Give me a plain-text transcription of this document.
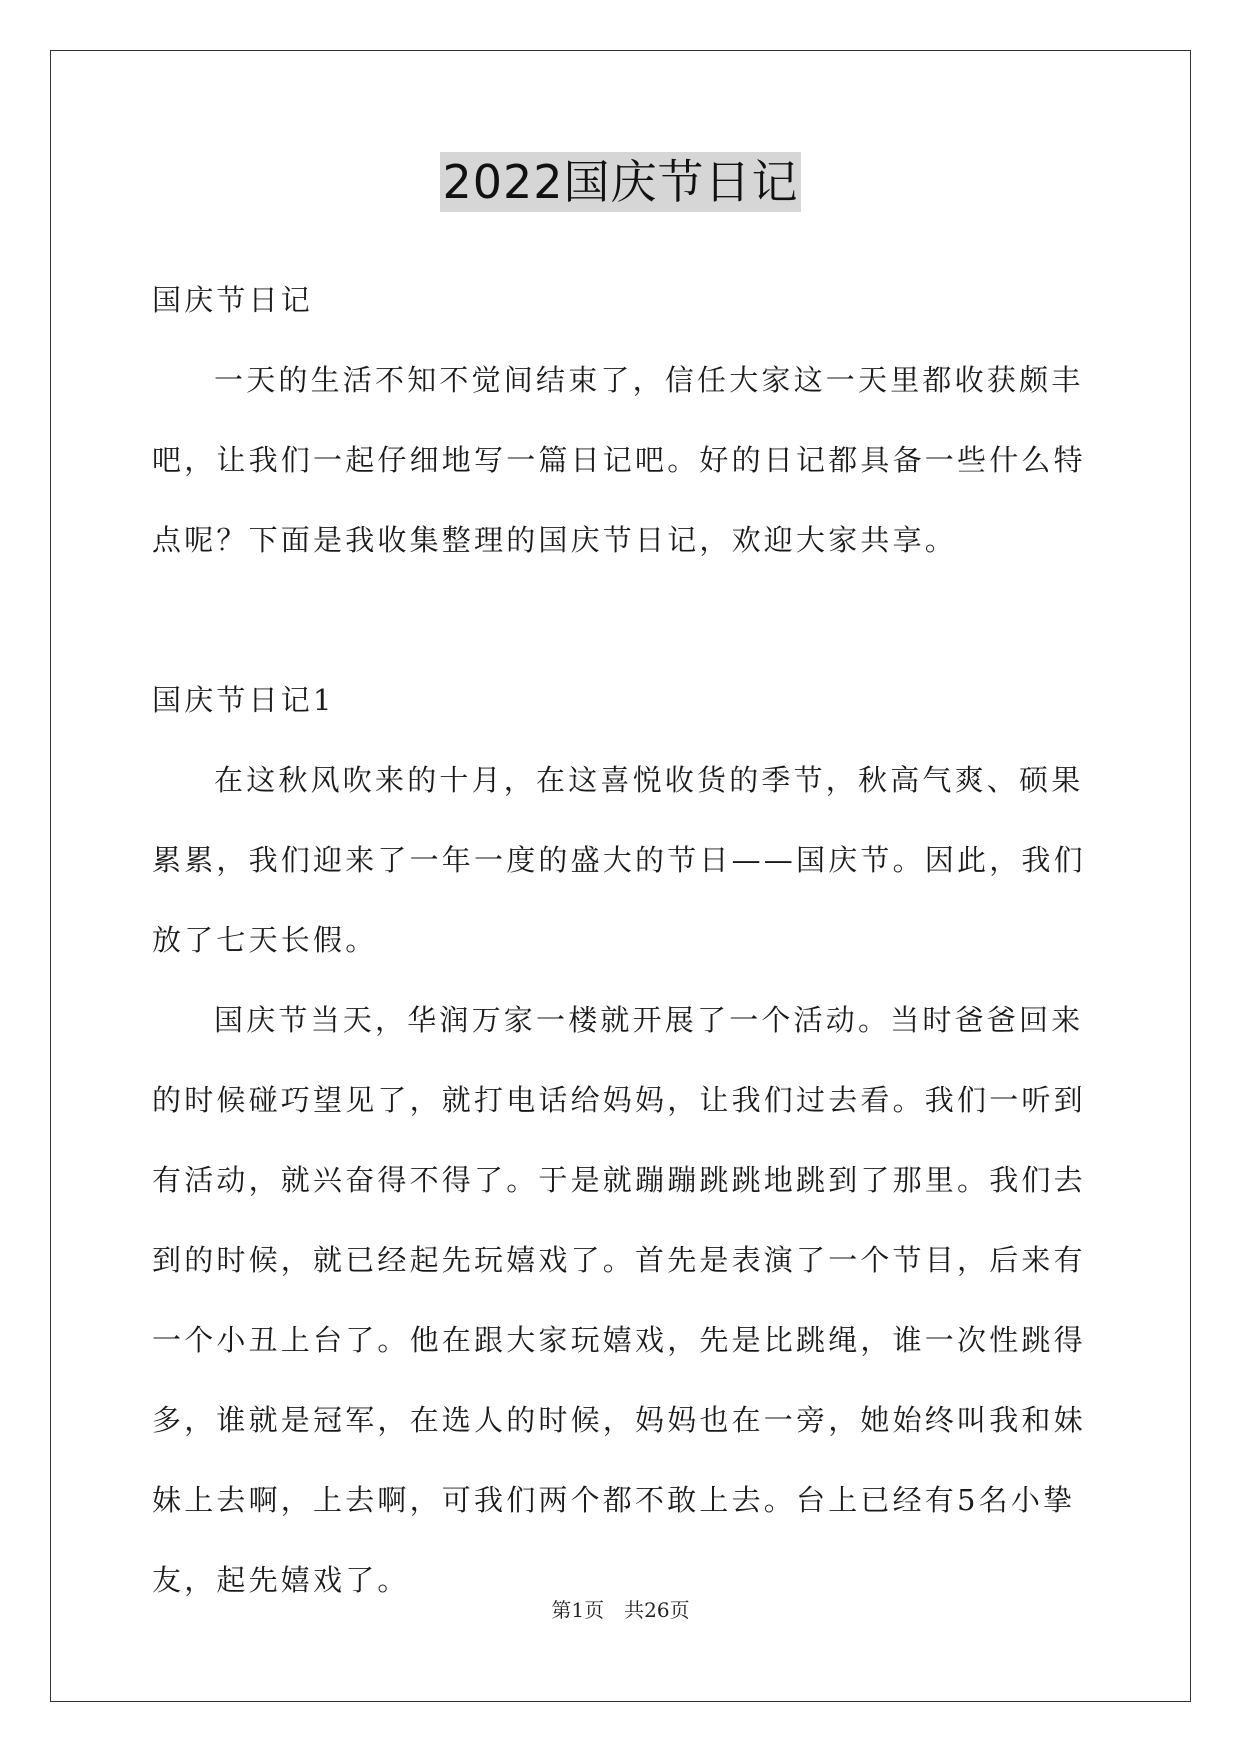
2022国庆节日记

国庆节日记

一天的生活不知不觉间结束了，信任大家这一天里都收获颇丰吧，让我们一起仔细地写一篇日记吧。好的日记都具备一些什么特点呢？下面是我收集整理的国庆节日记，欢迎大家共享。

国庆节日记1

在这秋风吹来的十月，在这喜悦收货的季节，秋高气爽、硕果累累，我们迎来了一年一度的盛大的节日——国庆节。因此，我们放了七天长假。

国庆节当天，华润万家一楼就开展了一个活动。当时爸爸回来的时候碰巧望见了，就打电话给妈妈，让我们过去看。我们一听到有活动，就兴奋得不得了。于是就蹦蹦跳跳地跳到了那里。我们去到的时候，就已经起先玩嬉戏了。首先是表演了一个节目，后来有一个小丑上台了。他在跟大家玩嬉戏，先是比跳绳，谁一次性跳得多，谁就是冠军，在选人的时候，妈妈也在一旁，她始终叫我和妹妹上去啊，上去啊，可我们两个都不敢上去。台上已经有5名小挚友，起先嬉戏了。

第1页 共26页
